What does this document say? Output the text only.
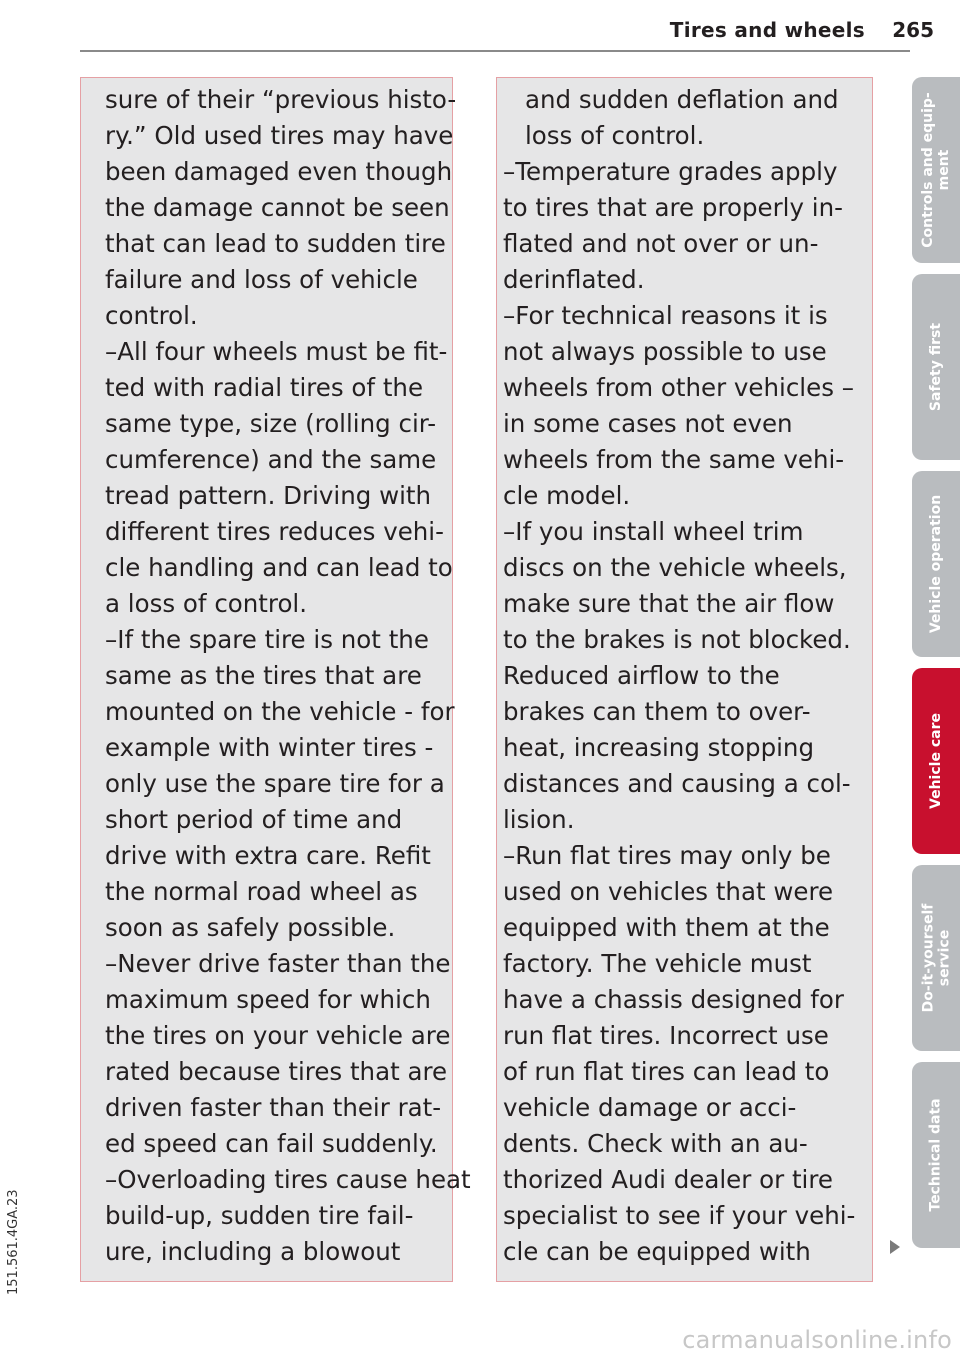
Tires and wheels 265
sure of their “previous histo-
ry.” Old used tires may have
been damaged even though
the damage cannot be seen
that can lead to sudden tire
failure and loss of vehicle
control.
–All four wheels must be fit-
ted with radial tires of the
same type, size (rolling cir-
cumference) and the same
tread pattern. Driving with
different tires reduces vehi-
cle handling and can lead to
a loss of control.
–If the spare tire is not the
same as the tires that are
mounted on the vehicle - for
example with winter tires -
only use the spare tire for a
short period of time and
drive with extra care. Refit
the normal road wheel as
soon as safely possible.
–Never drive faster than the
maximum speed for which
the tires on your vehicle are
rated because tires that are
driven faster than their rat-
ed speed can fail suddenly.
–Overloading tires cause heat
build-up, sudden tire fail-
ure, including a blowout
and sudden deflation and
loss of control.
–Temperature grades apply
to tires that are properly in-
flated and not over or un-
derinflated.
–For technical reasons it is
not always possible to use
wheels from other vehicles –
in some cases not even
wheels from the same vehi-
cle model.
–If you install wheel trim
discs on the vehicle wheels,
make sure that the air flow
to the brakes is not blocked.
Reduced airflow to the
brakes can them to over-
heat, increasing stopping
distances and causing a col-
lision.
–Run flat tires may only be
used on vehicles that were
equipped with them at the
factory. The vehicle must
have a chassis designed for
run flat tires. Incorrect use
of run flat tires can lead to
vehicle damage or acci-
dents. Check with an au-
thorized Audi dealer or tire
specialist to see if your vehi-
cle can be equipped with
Controls and equip- ment
Safety first
Vehicle operation
Vehicle care
Do-it-yourself service
Technical data
151.561.4GA.23
carmanualsonline.info
